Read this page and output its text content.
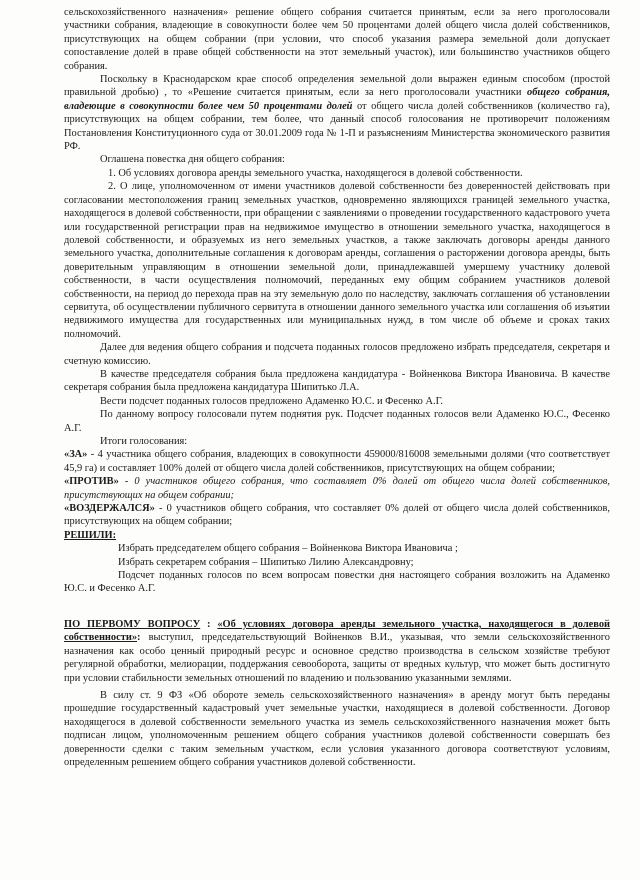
сельскохозяйственного назначения» решение общего собрания считается принятым, если за него проголосовали участники собрания, владеющие в совокупности более чем 50 процентами долей общего числа долей собственников, присутствующих на общем собрании (при условии, что способ указания размера земельной доли допускает сопоставление долей в праве общей собственности на этот земельный участок), или большинство участников общего собрания.

Поскольку в Краснодарском крае способ определения земельной доли выражен единым способом (простой правильной дробью) , то «Решение считается принятым, если за него проголосовали участники общего собрания, владеющие в совокупности более чем 50 процентами долей от общего числа долей собственников (количество га), присутствующих на общем собрании, тем более, что данный способ голосования не противоречит положениям Постановления Конституционного суда от 30.01.2009 года № 1-П и разъяснениям Министерства экономического развития РФ.

Оглашена повестка дня общего собрания:

1. Об условиях договора аренды земельного участка, находящегося в долевой собственности.

2. О лице, уполномоченном от имени участников долевой собственности без доверенностей действовать при согласовании местоположения границ земельных участков, одновременно являющихся границей земельного участка, находящегося в долевой собственности, при обращении с заявлениями о проведении государственного кадастрового учета или государственной регистрации прав на недвижимое имущество в отношении земельного участка, находящегося в долевой собственности, и образуемых из него земельных участков, а также заключать договоры аренды данного земельного участка, дополнительные соглашения к договорам аренды, соглашения о расторжении договора аренды, быть доверительным управляющим в отношении земельной доли, принадлежавшей умершему участнику долевой собственности, в части осуществления полномочий, переданных ему общим собранием участников долевой собственности, на период до перехода прав на эту земельную доло по наследству, заключать соглашения об установлении сервитута, об осуществлении публичного сервитута в отношении данного земельного участка или соглашения об изъятии недвижимого имущества для государственных или муниципальных нужд, в том числе об объеме и сроках таких полномочий.

Далее для ведения общего собрания и подсчета поданных голосов предложено избрать председателя, секретаря и счетную комиссию.

В качестве председателя собрания была предложена кандидатура - Войненкова Виктора Ивановича. В качестве секретаря собрания была предложена кандидатура Шипитько Л.А.

Вести подсчет поданных голосов предложено Адаменко Ю.С. и Фесенко А.Г.

По данному вопросу голосовали путем поднятия рук. Подсчет поданных голосов вели Адаменко Ю.С., Фесенко А.Г.

Итоги голосования:

«ЗА» - 4 участника общего собрания, владеющих в совокупности 459000/816008 земельными долями (что соответствует 45,9 га) и составляет 100% долей от общего числа долей собственников, присутствующих на общем собрании;

«ПРОТИВ» - 0 участников общего собрания, что составляет 0% долей от общего числа долей собственников, присутствующих на общем собрании;

«ВОЗДЕРЖАЛСЯ» - 0 участников общего собрания, что составляет 0% долей от общего числа долей собственников, присутствующих на общем собрании;

РЕШИЛИ:

Избрать председателем общего собрания – Войненкова Виктора Ивановича ;

Избрать секретарем собрания – Шипитько Лилию Александровну;

Подсчет поданных голосов по всем вопросам повестки дня настоящего собрания возложить на Адаменко Ю.С. и Фесенко А.Г.

ПО ПЕРВОМУ ВОПРОСУ : «Об условиях договора аренды земельного участка, находящегося в долевой собственности»: выступил, председательствующий Войненков В.И., указывая, что земли сельскохозяйственного назначения как особо ценный природный ресурс и основное средство производства в сельском хозяйстве требуют регулярной обработки, мелиорации, поддержания севооборота, защиты от вредных культур, что может быть достигнуто при условии стабильности земельных отношений по владению и пользованию указанными землями.

В силу ст. 9 ФЗ «Об обороте земель сельскохозяйственного назначения» в аренду могут быть переданы прошедшие государственный кадастровый учет земельные участки, находящиеся в долевой собственности. Договор находящегося в долевой собственности земельного участка из земель сельскохозяйственного назначения может быть подписан лицом, уполномоченным решением общего собрания участников долевой собственности совершать без доверенности сделки с таким земельным участком, если условия указанного договора соответствуют условиям, определенным решением общего собрания участников долевой собственности.
